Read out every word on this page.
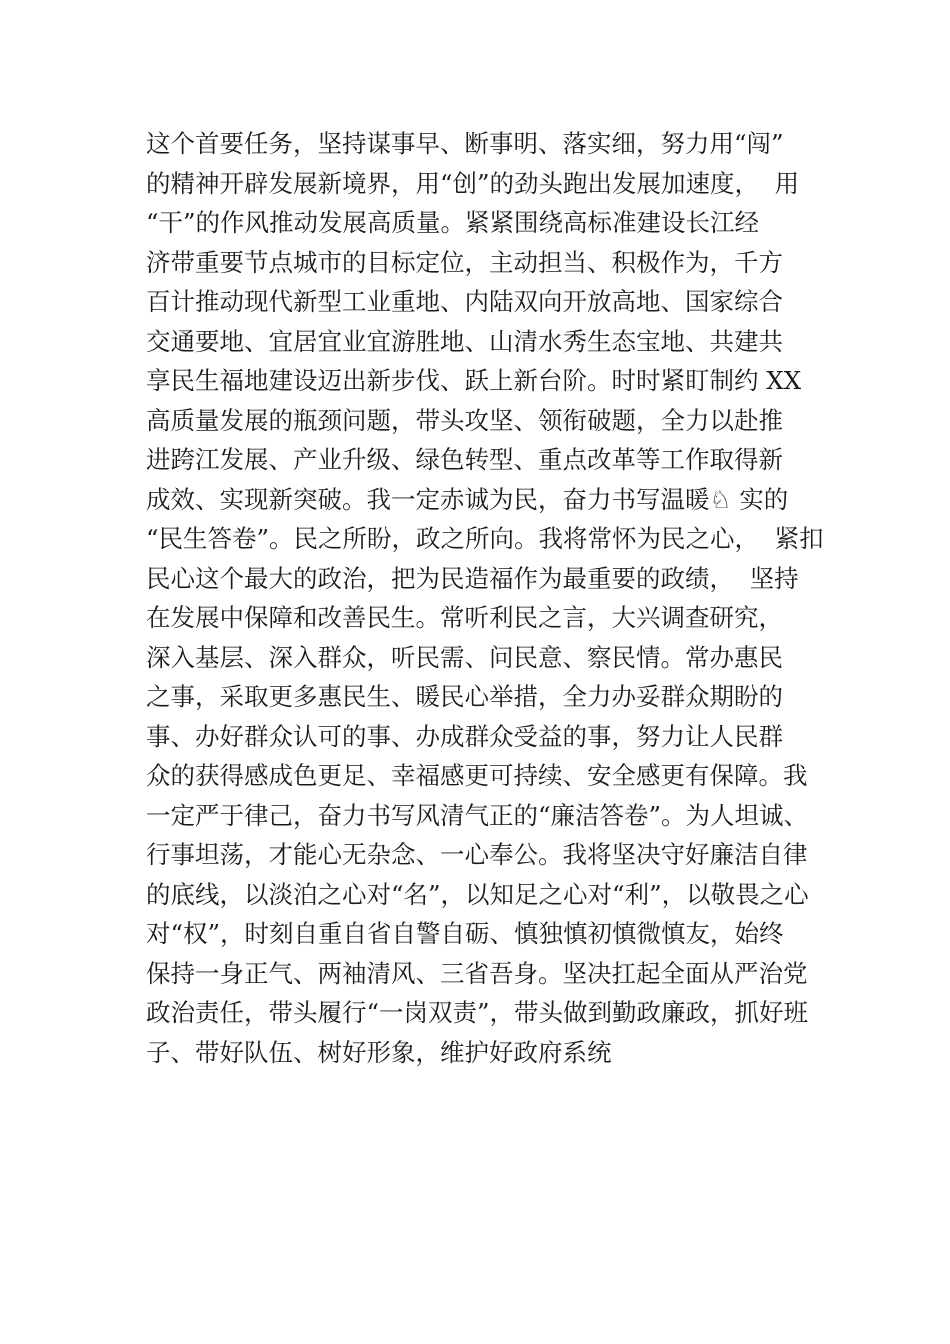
这个首要任务，坚持谋事早、断事明、落实细，努力用“闯”
的精神开辟发展新境界，用“创”的劲头跑出发展加速度，  用
“干”的作风推动发展高质量。紧紧围绕高标准建设长江经
济带重要节点城市的目标定位，主动担当、积极作为，千方
百计推动现代新型工业重地、内陆双向开放高地、国家综合
交通要地、宜居宜业宜游胜地、山清水秀生态宝地、共建共
享民生福地建设迈出新步伐、跃上新台阶。时时紧盯制约 XX
高质量发展的瓶颈问题，带头攻坚、领衔破题，全力以赴推
进跨江发展、产业升级、绿色转型、重点改革等工作取得新
成效、实现新突破。我一定赤诚为民，奋力书写温暖♘ 实的
“民生答卷”。民之所盼，政之所向。我将常怀为民之心，  紧扣
民心这个最大的政治，把为民造福作为最重要的政绩，  坚持
在发展中保障和改善民生。常听利民之言，大兴调查研究，
深入基层、深入群众，听民需、问民意、察民情。常办惠民
之事，采取更多惠民生、暖民心举措，全力办妥群众期盼的
事、办好群众认可的事、办成群众受益的事，努力让人民群
众的获得感成色更足、幸福感更可持续、安全感更有保障。我
一定严于律己，奋力书写风清气正的“廉洁答卷”。为人坦诚、
行事坦荡，才能心无杂念、一心奉公。我将坚决守好廉洁自律
的底线，以淡泊之心对“名”，以知足之心对“利”，以敬畏之心
对“权”，时刻自重自省自警自砺、慎独慎初慎微慎友，始终
保持一身正气、两袖清风、三省吾身。坚决扛起全面从严治党
政治责任，带头履行“一岗双责”，带头做到勤政廉政，抓好班
子、带好队伍、树好形象，维护好政府系统
